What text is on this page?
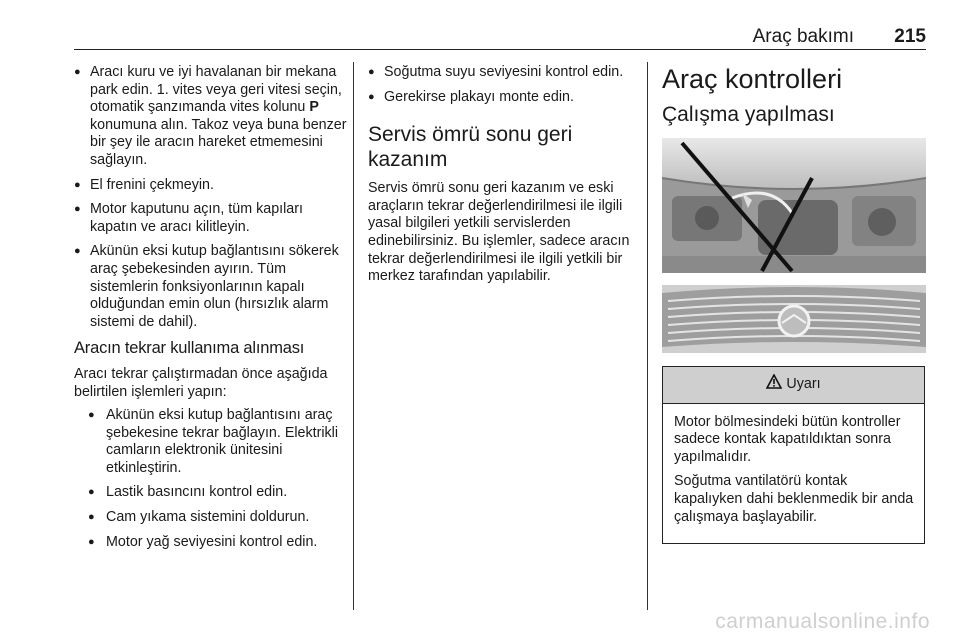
Araç bakımı 215
● Aracı kuru ve iyi havalanan bir mekana park edin. 1. vites veya geri vitesi seçin, otomatik şanzımanda vites kolunu P konumuna alın. Takoz veya buna benzer bir şey ile aracın hareket etmemesini sağlayın.
● El frenini çekmeyin.
● Motor kaputunu açın, tüm kapıları kapatın ve aracı kilitleyin.
● Akünün eksi kutup bağlantısını sökerek araç şebekesinden ayırın. Tüm sistemlerin fonksiyonlarının kapalı olduğundan emin olun (hırsızlık alarm sistemi de dahil).
Aracın tekrar kullanıma alınması

Aracı tekrar çalıştırmadan önce aşağıda belirtilen işlemleri yapın:

● Akünün eksi kutup bağlantısını araç şebekesine tekrar bağlayın. Elektrikli camların elektronik ünitesini etkinleştirin.
● Lastik basıncını kontrol edin.
● Cam yıkama sistemini doldurun.
● Motor yağ seviyesini kontrol edin.
● Soğutma suyu seviyesini kontrol edin.
● Gerekirse plakayı monte edin.
Servis ömrü sonu geri kazanım

Servis ömrü sonu geri kazanım ve eski araçların tekrar değerlendirilmesi ile ilgili yasal bilgileri yetkili servislerden edinebilirsiniz. Bu işlemler, sadece aracın tekrar değerlendirilmesi ile ilgili yetkili bir merkez tarafından yapılabilir.

Araç kontrolleri
Çalışma yapılması
Uyarı

Motor bölmesindeki bütün kontroller sadece kontak kapatıldıktan sonra yapılmalıdır.

Soğutma vantilatörü kontak kapalıyken dahi beklenmedik bir anda çalışmaya başlayabilir.

carmanualsonline.info
